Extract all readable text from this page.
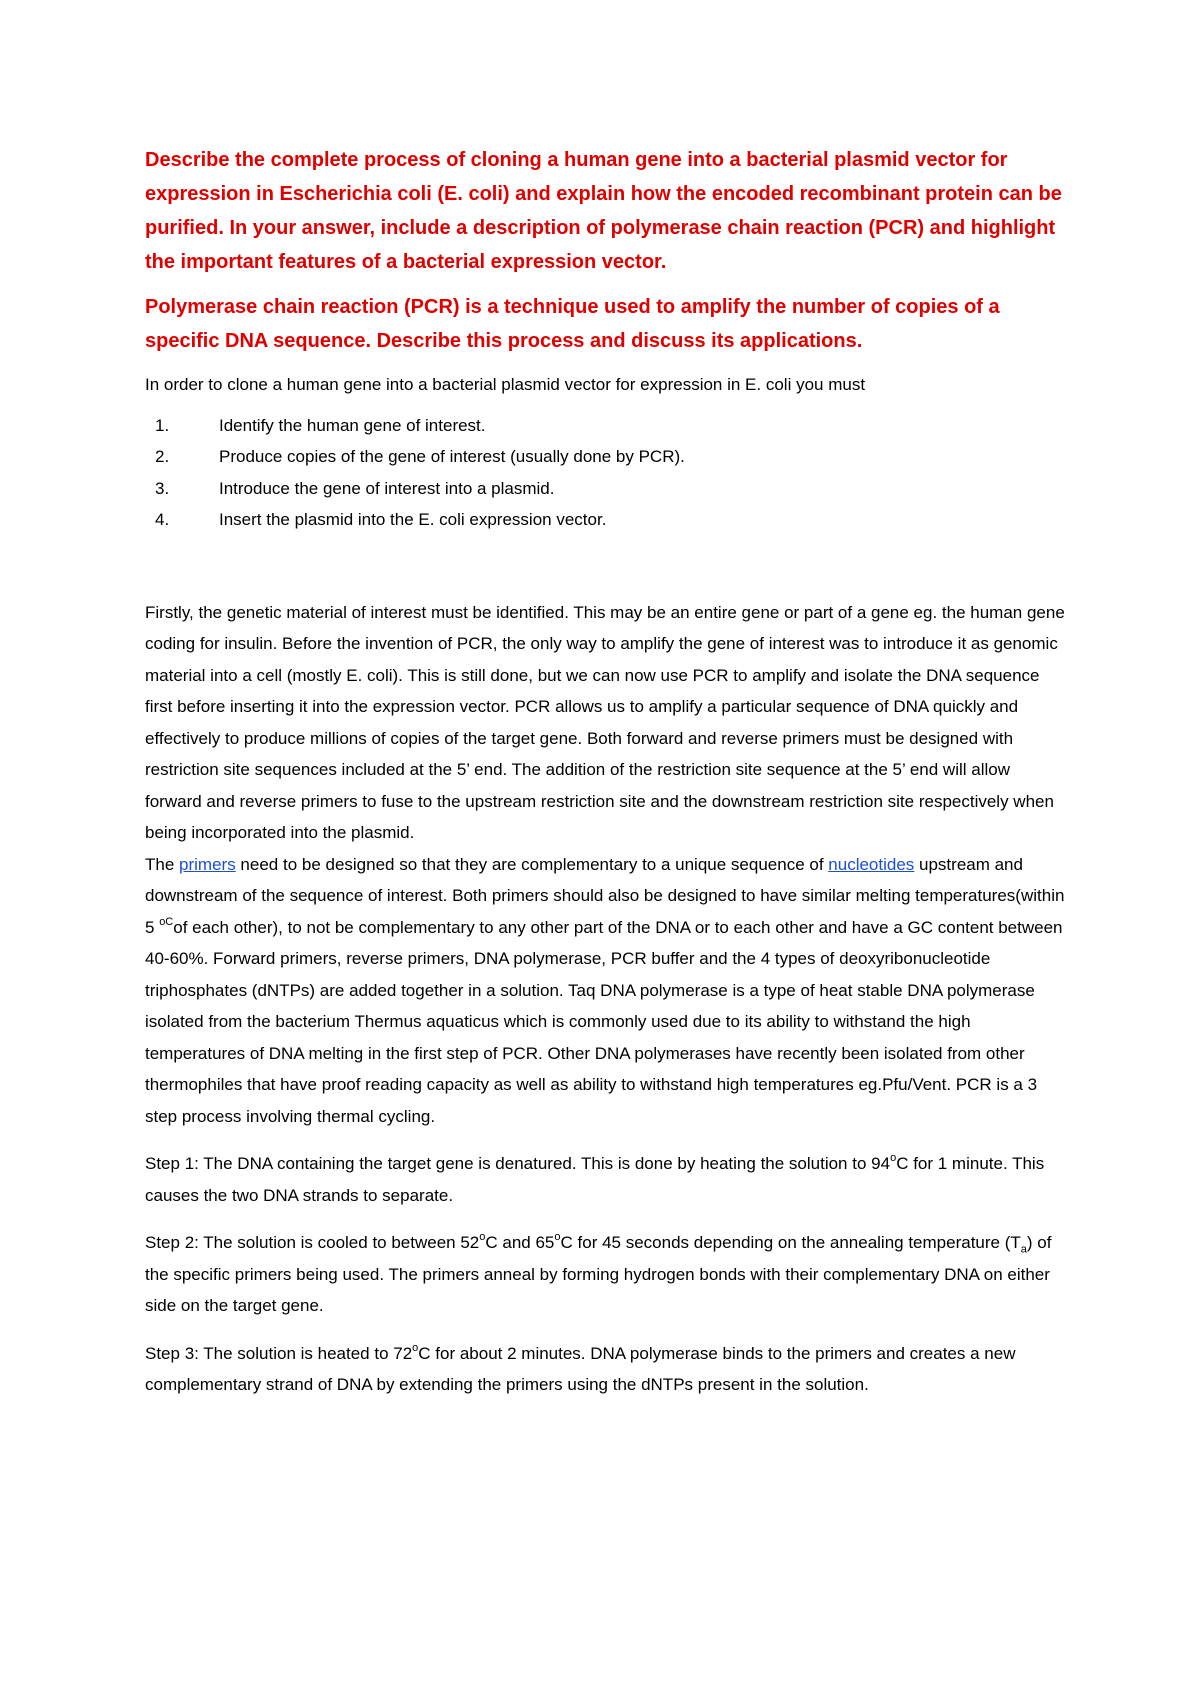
Describe the complete process of cloning a human gene into a bacterial plasmid vector for expression in Escherichia coli (E. coli) and explain how the encoded recombinant protein can be purified. In your answer, include a description of polymerase chain reaction (PCR) and highlight the important features of a bacterial expression vector.

Polymerase chain reaction (PCR) is a technique used to amplify the number of copies of a specific DNA sequence. Describe this process and discuss its applications.

In order to clone a human gene into a bacterial plasmid vector for expression in E. coli you must

1.	Identify the human gene of interest.
2.	Produce copies of the gene of interest (usually done by PCR).
3.	Introduce the gene of interest into a plasmid.
4.	Insert the plasmid into the E. coli expression vector.

Firstly, the genetic material of interest must be identified. This may be an entire gene or part of a gene eg. the human gene coding for insulin. Before the invention of PCR, the only way to amplify the gene of interest was to introduce it as genomic material into a cell (mostly E. coli). This is still done, but we can now use PCR to amplify and isolate the DNA sequence first before inserting it into the expression vector. PCR allows us to amplify a particular sequence of DNA quickly and effectively to produce millions of copies of the target gene. Both forward and reverse primers must be designed with restriction site sequences included at the 5’ end. The addition of the restriction site sequence at the 5’ end will allow forward and reverse primers to fuse to the upstream restriction site and the downstream restriction site respectively when being incorporated into the plasmid.

The primers need to be designed so that they are complementary to a unique sequence of nucleotides upstream and downstream of the sequence of interest. Both primers should also be designed to have similar melting temperatures(within 5 $^{oC}$of each other), to not be complementary to any other part of the DNA or to each other and have a GC content between 40-60%. Forward primers, reverse primers, DNA polymerase, PCR buffer and the 4 types of deoxyribonucleotide triphosphates (dNTPs) are added together in a solution. Taq DNA polymerase is a type of heat stable DNA polymerase isolated from the bacterium Thermus aquaticus which is commonly used due to its ability to withstand the high temperatures of DNA melting in the first step of PCR. Other DNA polymerases have recently been isolated from other thermophiles that have proof reading capacity as well as ability to withstand high temperatures eg.Pfu/Vent. PCR is a 3 step process involving thermal cycling.

Step 1: The DNA containing the target gene is denatured. This is done by heating the solution to 94$^o$C for 1 minute. This causes the two DNA strands to separate.

Step 2: The solution is cooled to between 52$^o$C and 65$^o$C for 45 seconds depending on the annealing temperature $(T_a)$ of the specific primers being used. The primers anneal by forming hydrogen bonds with their complementary DNA on either side on the target gene.

Step 3: The solution is heated to 72$^o$C for about 2 minutes. DNA polymerase binds to the primers and creates a new complementary strand of DNA by extending the primers using the dNTPs present in the solution.
